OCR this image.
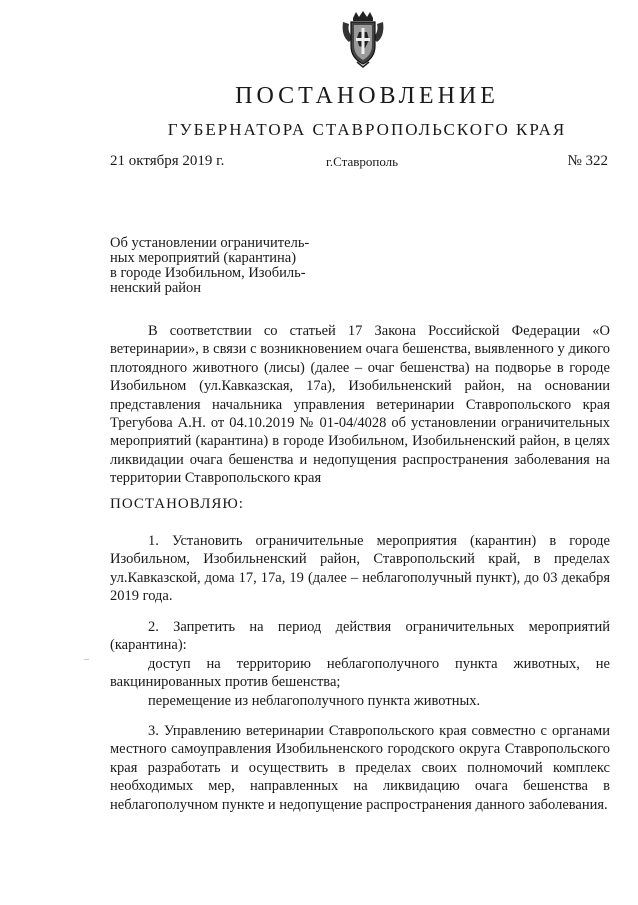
ПОСТАНОВЛЕНИЕ
ГУБЕРНАТОРА СТАВРОПОЛЬСКОГО КРАЯ
21 октября 2019 г.	г.Ставрополь	№ 322
Об установлении ограничитель-
ных мероприятий (карантина)
в городе Изобильном, Изобиль-
ненский район

В соответствии со статьей 17 Закона Российской Федерации «О ветеринарии», в связи с возникновением очага бешенства, выявленного у дикого плотоядного животного (лисы) (далее – очаг бешенства) на подворье в городе Изобильном (ул.Кавказская, 17а), Изобильненский район, на основании представления начальника управления ветеринарии Ставропольского края Трегубова А.Н. от 04.10.2019 № 01-04/4028 об установлении ограничительных мероприятий (карантина) в городе Изобильном, Изобильненский район, в целях ликвидации очага бешенства и недопущения распространения заболевания на территории Ставропольского края

ПОСТАНОВЛЯЮ:

1. Установить ограничительные мероприятия (карантин) в городе Изобильном, Изобильненский район, Ставропольский край, в пределах ул.Кавказской, дома 17, 17а, 19 (далее – неблагополучный пункт), до 03 декабря 2019 года.

2. Запретить на период действия ограничительных мероприятий (карантина):

доступ на территорию неблагополучного пункта животных, не вакцинированных против бешенства;

перемещение из неблагополучного пункта животных.

3. Управлению ветеринарии Ставропольского края совместно с органами местного самоуправления Изобильненского городского округа Ставропольского края разработать и осуществить в пределах своих полномочий комплекс необходимых мер, направленных на ликвидацию очага бешенства в неблагополучном пункте и недопущение распространения данного заболевания.

–
